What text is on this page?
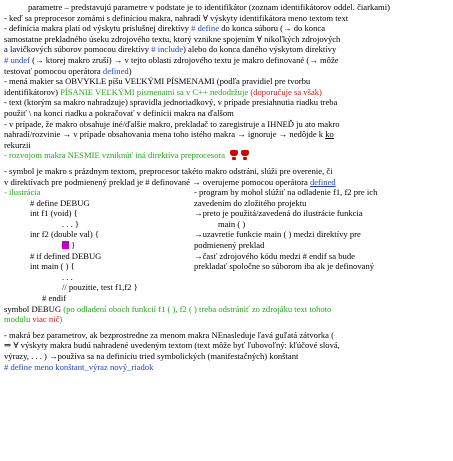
parametre – predstavujú parametre v podstate je to identifikátor (zoznam identifikátorov oddel. čiarkami)
- keď sa preprocesor zomámi s definíciou makra, nahradí ∀ výskyty identifikátora meno textom text
- definícia makra platí od výskytu príslušnej direktívy # define do konca súboru (→ do konca
samostatne prekladného úseku zdrojového textu, ktorý vznikne spojením ∀ nikoľkých zdrojových
a lavičkových súborov pomocou direktívy # include) alebo do konca daného výskytom direktívy
# undef (→ ktorej makro zruší) → v tejto oblasti zdrojového textu je makro definované (→ môže
testovať pomocou operátora defined)
- mená makier sa OBVYKLE píšu VEĽKÝMI PÍSMENAMI (podľa pravidiel pre tvorbu
identifikátorov) PÍSANIE VEĽKÝMI písmenami sa v C++ nedodržuje (doporučuje sa však)
- text (ktorým sa makro nahradzuje) spravidla jednoriadkový, v prípade presiahnutia riadku treba
použiť \ na konci riadku a pokračovať v definícii makra na ďalšom
- v prípade, že makro obsahuje iné/ďalšie makro, prekladač to zaregistruje a IHNEĎ ju ato makro
nahradí/rozvinie → v prípade obsahovania mena toho istého makra → ignoruje → nedôjde k ko
rekurzii
- rozvojom makra NESMIE vzniknúť iná direktíva preprocesora
- symbol je makro s prázdnym textom, preprocesor takéto makro odstráni, slúži pre overenie, či
v direktívach pre podmienený preklad je # definované → overujeme pomocou operátora defined
- ilustrácia
# define DEBUG
int f1 (void) {
. . . }
inr f2 (double val) {
}
# if defined DEBUG
int main ( ) {
. . .
// pouzitie, test f1,f2 }
# endif
- program by mohol slúžiť na odladenie f1, f2 pre ich
zavedením do zložitého projektu
→preto je použitá/zavedená do ilustrácie funkcia
main ( )
→uzavretie funkcie main ( ) medzi direktívy pre
podmienený preklad
→časť zdrojového kódu medzi # endif sa bude
prekladať spoločne so súborom iba ak je definovaný
symbol DEBUG (po odladení oboch funkcií f1 ( ), f2 ( ) treba odstrániť zo zdrojáku text tohoto
modulu viac nič)
- makrá bez parametrov, ak bezprostredne za menom makra NEnasleduje ľavá guľatá zátvorka (
⇒ ∀ výskyty makra budú nahradené uvedeným textom (text môže byť ľubovoľný: kľúčové slová,
výrazy, . . . ) →používa sa na definíciu tried symbolických (manifestačných) konštant
# define meno konštant_výraz nový_riadok
